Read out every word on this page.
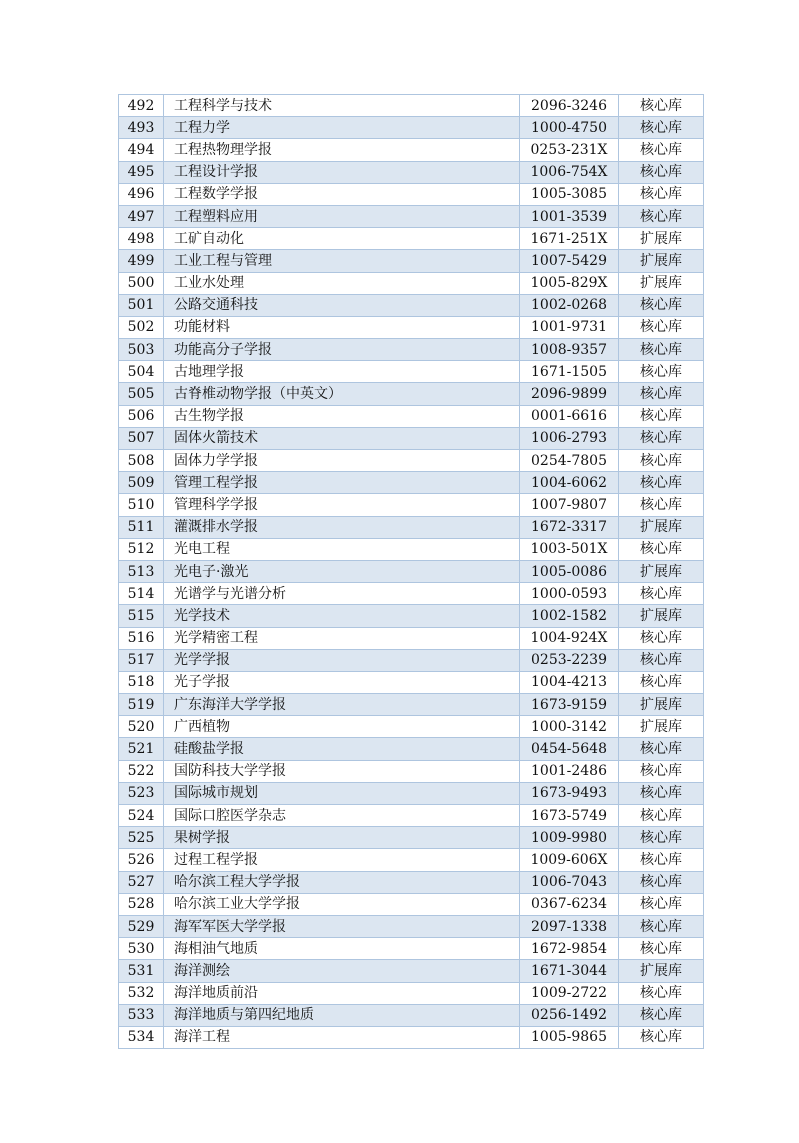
492	工程科学与技术	2096-3246	核心库
493	工程力学	1000-4750	核心库
494	工程热物理学报	0253-231X	核心库
495	工程设计学报	1006-754X	核心库
496	工程数学学报	1005-3085	核心库
497	工程塑料应用	1001-3539	核心库
498	工矿自动化	1671-251X	扩展库
499	工业工程与管理	1007-5429	扩展库
500	工业水处理	1005-829X	扩展库
501	公路交通科技	1002-0268	核心库
502	功能材料	1001-9731	核心库
503	功能高分子学报	1008-9357	核心库
504	古地理学报	1671-1505	核心库
505	古脊椎动物学报（中英文）	2096-9899	核心库
506	古生物学报	0001-6616	核心库
507	固体火箭技术	1006-2793	核心库
508	固体力学学报	0254-7805	核心库
509	管理工程学报	1004-6062	核心库
510	管理科学学报	1007-9807	核心库
511	灌溉排水学报	1672-3317	扩展库
512	光电工程	1003-501X	核心库
513	光电子·激光	1005-0086	扩展库
514	光谱学与光谱分析	1000-0593	核心库
515	光学技术	1002-1582	扩展库
516	光学精密工程	1004-924X	核心库
517	光学学报	0253-2239	核心库
518	光子学报	1004-4213	核心库
519	广东海洋大学学报	1673-9159	扩展库
520	广西植物	1000-3142	扩展库
521	硅酸盐学报	0454-5648	核心库
522	国防科技大学学报	1001-2486	核心库
523	国际城市规划	1673-9493	核心库
524	国际口腔医学杂志	1673-5749	核心库
525	果树学报	1009-9980	核心库
526	过程工程学报	1009-606X	核心库
527	哈尔滨工程大学学报	1006-7043	核心库
528	哈尔滨工业大学学报	0367-6234	核心库
529	海军军医大学学报	2097-1338	核心库
530	海相油气地质	1672-9854	核心库
531	海洋测绘	1671-3044	扩展库
532	海洋地质前沿	1009-2722	核心库
533	海洋地质与第四纪地质	0256-1492	核心库
534	海洋工程	1005-9865	核心库
